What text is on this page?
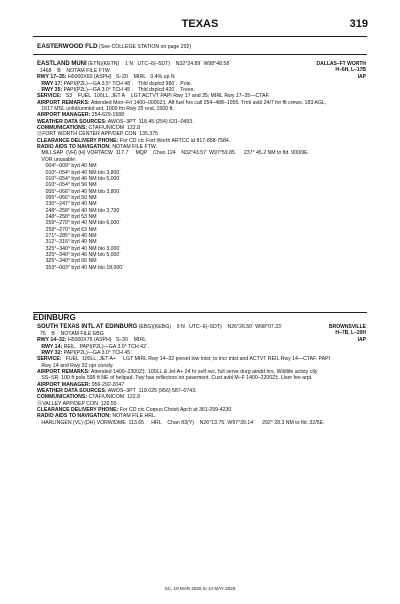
TEXAS	319
EASTERWOOD FLD (See COLLEGE STATION on page 292)
EASTLAND MUNI (ETN)(KETN)    1 N   UTC–6(–5DT)    N32°24.89´ W98°48.58´	DALLAS–FT WORTH
H–6H, L–17B
IAP
1468    B    NOTAM FILE FTW
RWY 17–35: H5000X60 (ASPH)   S–20    MIRL   0.4% up N
RWY 17: PAPI(P2L)—GA 3.5° TCH 48´.   Thld dsplcd 980´.  Pole.
RWY 35: PAPI(P2L)—GA 3.0° TCH 45´.   Thld dsplcd 420´.  Trees.
SERVICE:   S3    FUEL  100LL, JET A    LGT ACTVT PAPI Rwy 17 and 35; MIRL Rwy 17–35—CTAF.
AIRPORT REMARKS: Attended Mon–Fri 1400–0000Z‡. Aft fuel hrs call 254–488–1055. Trml avbl 24/7 for flt crews. 183 AGL,
1617 MSL unltd/unmkd ant, 1000 fm Rwy 35 end, 1500 ft.
AIRPORT MANAGER: 254-629-1588
WEATHER DATA SOURCES: AWOS–3PT  118.45 (254) 631–0493.
COMMUNICATIONS: CTAF/UNICOM  122.8
ⓇFORT WORTH CENTER APP/DEP CON  135.375
CLEARANCE DELIVERY PHONE: For CD ctc Fort Worth ARTCC at 817-858-7584.
RADIO AIDS TO NAVIGATION: NOTAM FILE FTW.
MILLSAP  (VH) (H) VORTACW  117.7     MQP    Chan 124    N32°43.57´ W97°59.85´     237° 45.2 NM to fld. 900/9E.
VOR unusable:
004°–009° byd 40 NM
010°–054° byd 40 NM blo 3,800´
010°–054° byd 46 NM blo 5,000´
010°–054° byd 56 NM
055°–066° byd 40 NM blo 3,800´
055°–066° byd 50 NM
230°–247° byd 40 NM
248°–258° byd 40 NM blo 3,700´
248°–258° byd 53 NM
259°–270° byd 40 NM blo 6,000´
259°–270° byd 63 NM
271°–285° byd 40 NM
312°–316° byd 40 NM
325°–340° byd 40 NM blo 3,000´
325°–340° byd 46 NM blo 5,000´
325°–340° byd 66 NM
353°–003° byd 40 NM blo 18,000´
EDINBURG
SOUTH TEXAS INTL AT EDINBURG (EBG)(KEBG)    9 N   UTC–6(–5DT)    N26°26.50´ W98°07.33´	BROWNSVILLE
H–7B, L–20H
IAP
75    B    NOTAM FILE EBG
RWY 14–32: H5000X75 (ASPH)   S–30    MIRL
RWY 14: REIL.  PAPI(P2L)—GA 3.0° TCH 42´.
RWY 32: PAPI(P2L)—GA 3.0° TCH 45´.
SERVICE:   FUEL  100LL, JET A+     LGT MIRL Rwy 14–32 preset low intst; to incr intst and ACTVT REIL Rwy 14—CTAF. PAPI
Rwy 14 and Rwy 32 opr consly.
AIRPORT REMARKS: Attended 1400–2300Z‡. 100LL & Jet A+ 24 hr self svc, full serve durg atndd hrs. Wildlife actvty ctly
SS–SR. 100 ft pole 595 ft NE of helipad. Twy has reflectors on pavement. Cust avbl M–F 1400–2200Z‡. User fee arpt.
AIRPORT MANAGER: 956-292-2047
WEATHER DATA SOURCES: AWOS–3PT  118.025 (956) 587–0743.
COMMUNICATIONS: CTAF/UNICOM  122.8
ⓇVALLEY APP/DEP CON  126.55
CLEARANCE DELIVERY PHONE: For CD ctc Corpus Christi Apch at 361-299-4230.
RADIO AIDS TO NAVIGATION: NOTAM FILE HRL.
HARLINGEN (VL) (DH) VORW/DME  113.65     HRL    Chan 83(Y)    N26°13.75´ W97°39.14´     292° 28.3 NM to fld. 32/5E.
SC, 19 MAR 2026 to 14 MAY 2026
